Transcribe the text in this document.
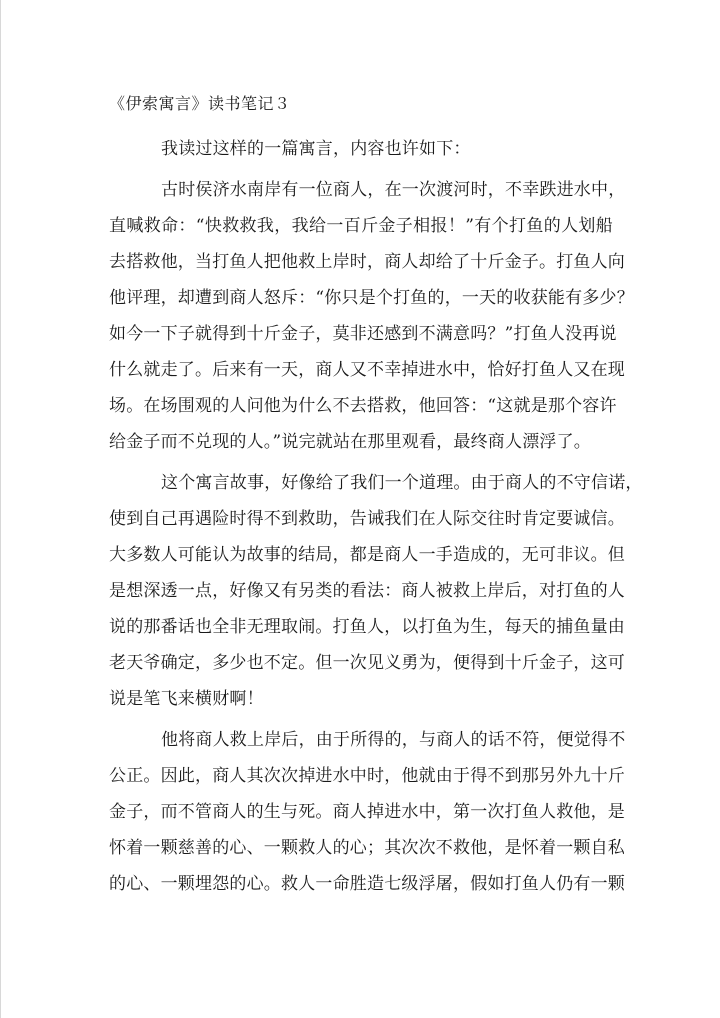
《伊索寓言》读书笔记３

我读过这样的一篇寓言，内容也许如下：

古时侯济水南岸有一位商人，在一次渡河时，不幸跌进水中，

直喊救命：“快救救我，我给一百斤金子相报！”有个打鱼的人划船

去搭救他，当打鱼人把他救上岸时，商人却给了十斤金子。打鱼人向

他评理，却遭到商人怒斥：“你只是个打鱼的，一天的收获能有多少？

如今一下子就得到十斤金子，莫非还感到不满意吗？”打鱼人没再说

什么就走了。后来有一天，商人又不幸掉进水中，恰好打鱼人又在现

场。在场围观的人问他为什么不去搭救，他回答：“这就是那个容许

给金子而不兑现的人。”说完就站在那里观看，最终商人漂浮了。

这个寓言故事，好像给了我们一个道理。由于商人的不守信诺，

使到自己再遇险时得不到救助，告诫我们在人际交往时肯定要诚信。

大多数人可能认为故事的结局，都是商人一手造成的，无可非议。但

是想深透一点，好像又有另类的看法：商人被救上岸后，对打鱼的人

说的那番话也全非无理取闹。打鱼人，以打鱼为生，每天的捕鱼量由

老天爷确定，多少也不定。但一次见义勇为，便得到十斤金子，这可

说是笔飞来横财啊！

他将商人救上岸后，由于所得的，与商人的话不符，便觉得不

公正。因此，商人其次次掉进水中时，他就由于得不到那另外九十斤

金子，而不管商人的生与死。商人掉进水中，第一次打鱼人救他，是

怀着一颗慈善的心、一颗救人的心；其次次不救他，是怀着一颗自私

的心、一颗埋怨的心。救人一命胜造七级浮屠，假如打鱼人仍有一颗
